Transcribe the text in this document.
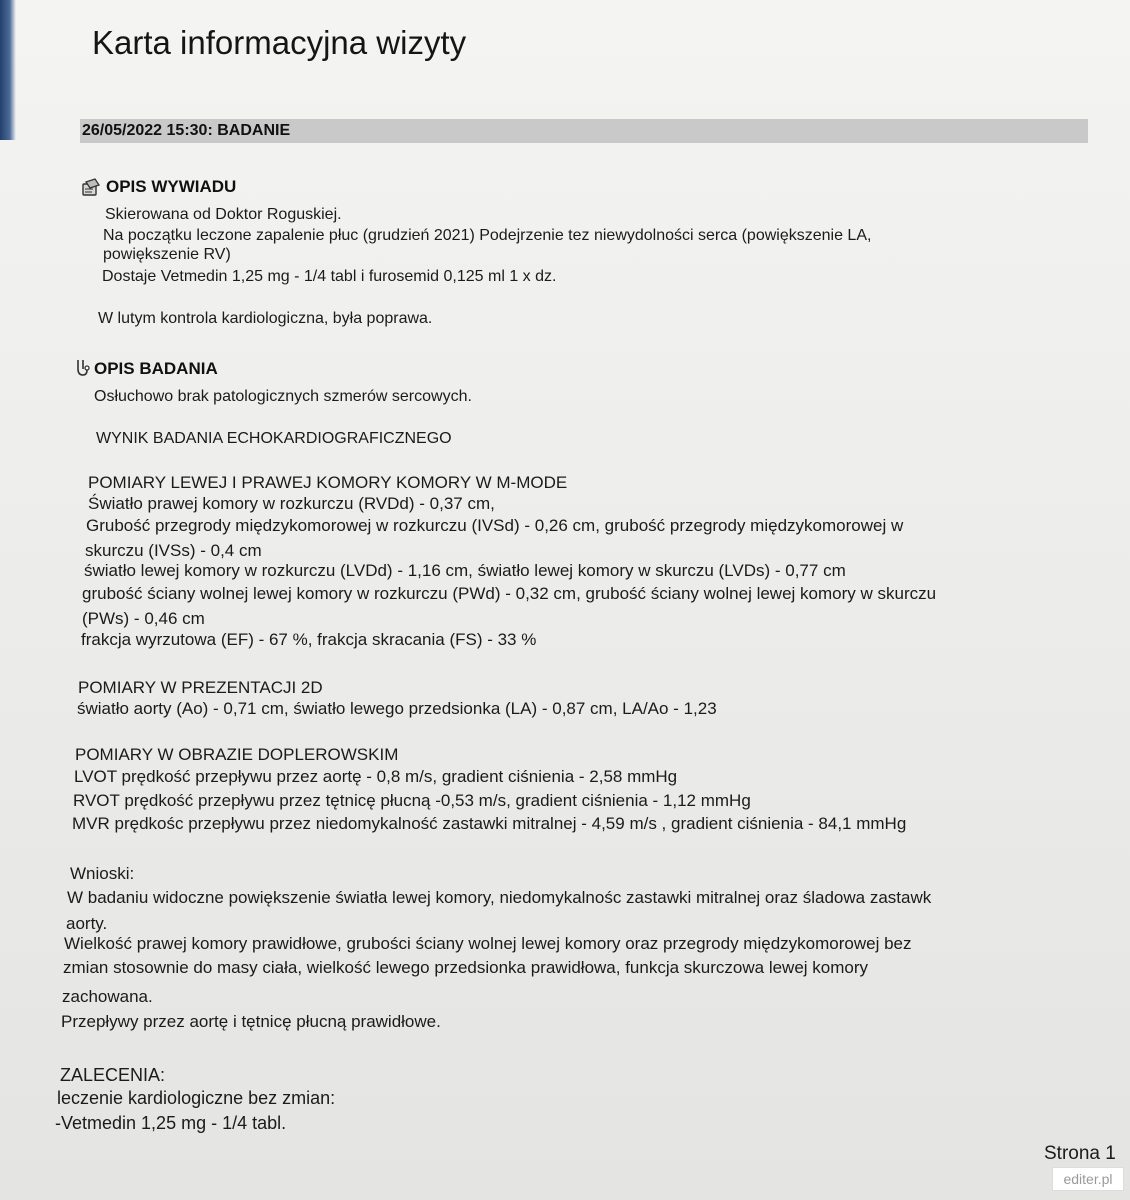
Karta informacyjna wizyty
26/05/2022 15:30: BADANIE
OPIS WYWIADU
Skierowana od Doktor Roguskiej.
Na początku leczone zapalenie płuc (grudzień 2021) Podejrzenie tez niewydolności serca (powiększenie LA,
powiększenie RV)
Dostaje Vetmedin 1,25 mg - 1/4 tabl i furosemid 0,125 ml 1 x dz.
W lutym kontrola kardiologiczna, była poprawa.
OPIS BADANIA
Osłuchowo brak patologicznych szmerów sercowych.
WYNIK BADANIA ECHOKARDIOGRAFICZNEGO
POMIARY LEWEJ I PRAWEJ KOMORY KOMORY W M-MODE
Światło prawej komory w rozkurczu (RVDd) - 0,37 cm,
Grubość przegrody międzykomorowej w rozkurczu (IVSd) - 0,26 cm, grubość przegrody międzykomorowej w
skurczu (IVSs) - 0,4 cm
światło lewej komory w rozkurczu (LVDd) - 1,16 cm, światło lewej komory w skurczu (LVDs) - 0,77 cm
grubość ściany wolnej lewej komory w rozkurczu (PWd) - 0,32 cm, grubość ściany wolnej lewej komory w skurczu
(PWs) - 0,46 cm
frakcja wyrzutowa (EF) - 67 %, frakcja skracania (FS) - 33 %
POMIARY W PREZENTACJI 2D
światło aorty (Ao) - 0,71 cm, światło lewego przedsionka (LA) - 0,87 cm, LA/Ao - 1,23
POMIARY W OBRAZIE DOPLEROWSKIM
LVOT prędkość przepływu przez aortę - 0,8 m/s, gradient ciśnienia - 2,58 mmHg
RVOT prędkość przepływu przez tętnicę płucną -0,53 m/s, gradient ciśnienia - 1,12 mmHg
MVR prędkośc przepływu przez niedomykalność zastawki mitralnej - 4,59 m/s , gradient ciśnienia - 84,1 mmHg
Wnioski:
W badaniu widoczne powiększenie światła lewej komory, niedomykalnośc zastawki mitralnej oraz śladowa zastawk
aorty.
Wielkość prawej komory prawidłowe, grubości ściany wolnej lewej komory oraz przegrody międzykomorowej bez
zmian stosownie do masy ciała, wielkość lewego przedsionka prawidłowa, funkcja skurczowa lewej komory
zachowana.
Przepływy przez aortę i tętnicę płucną prawidłowe.
ZALECENIA:
leczenie kardiologiczne bez zmian:
-Vetmedin 1,25 mg - 1/4 tabl.
Strona 1
editer.pl
